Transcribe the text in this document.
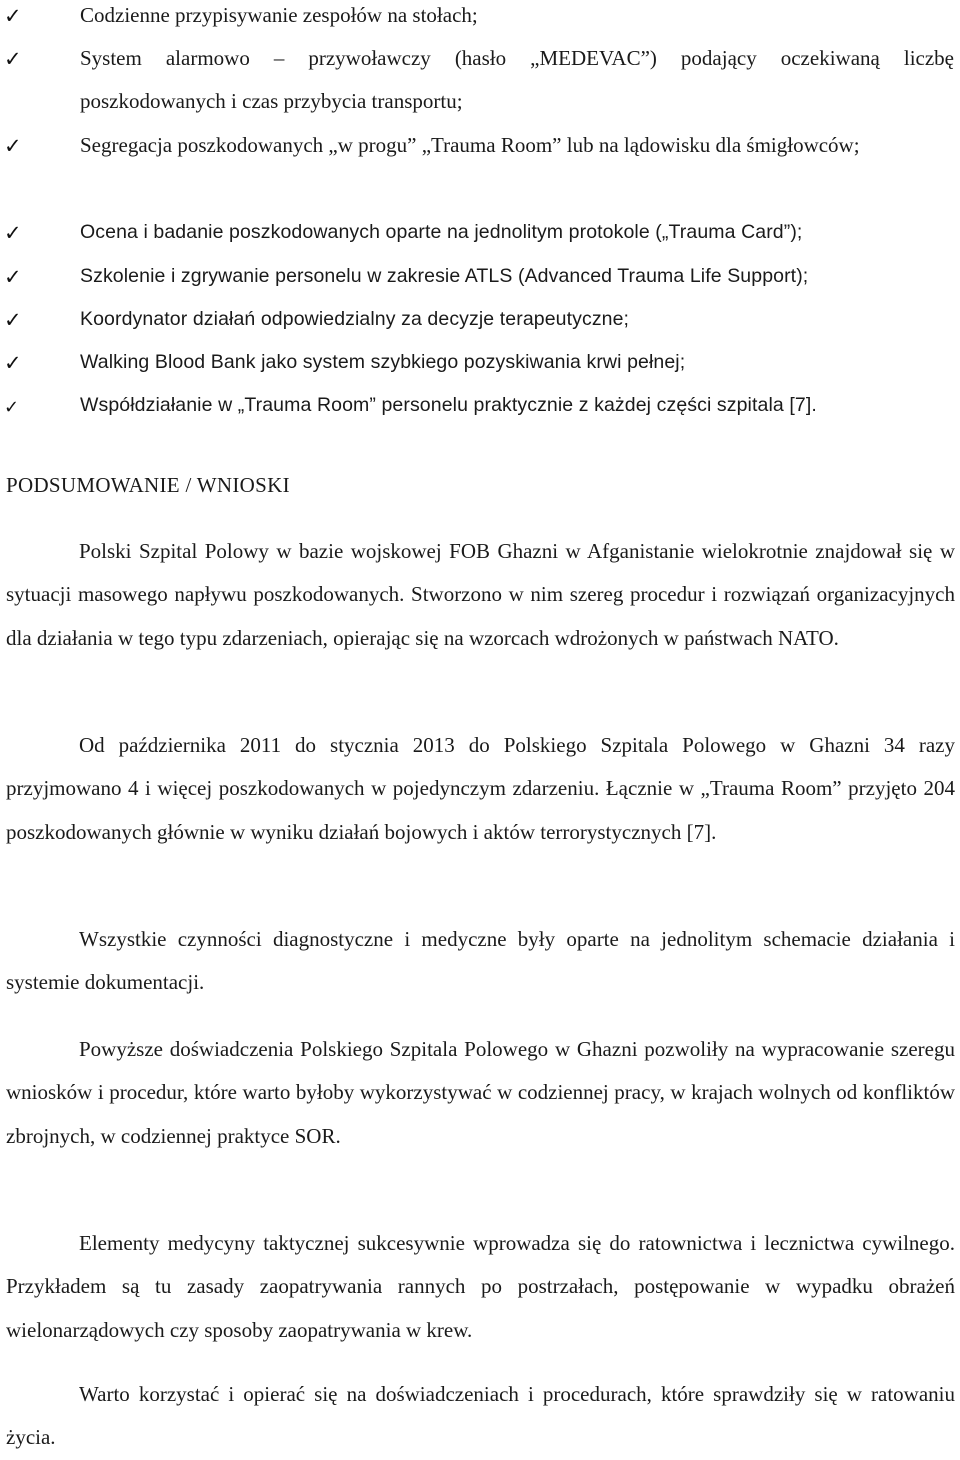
✓	Codzienne przypisywanie zespołów na stołach;
✓	System alarmowo – przywoławczy (hasło „MEDEVAC”) podający oczekiwaną liczbę poszkodowanych i czas przybycia transportu;
✓	Segregacja poszkodowanych „w progu” „Trauma Room” lub na lądowisku dla śmigłowców;
✓	Ocena i badanie poszkodowanych oparte na jednolitym protokole („Trauma Card”);
✓	Szkolenie i zgrywanie personelu w zakresie ATLS (Advanced Trauma Life Support);
✓	Koordynator działań odpowiedzialny za decyzje terapeutyczne;
✓	Walking Blood Bank jako system szybkiego pozyskiwania krwi pełnej;
✓	Współdziałanie w „Trauma Room” personelu praktycznie z każdej części szpitala [7].
PODSUMOWANIE / WNIOSKI

Polski Szpital Polowy w bazie wojskowej FOB Ghazni w Afganistanie wielokrotnie znajdował się w sytuacji masowego napływu poszkodowanych. Stworzono w nim szereg procedur i rozwiązań organizacyjnych dla działania w tego typu zdarzeniach, opierając się na wzorcach wdrożonych w państwach NATO.

Od października 2011 do stycznia 2013 do Polskiego Szpitala Polowego w Ghazni 34 razy przyjmowano 4 i więcej poszkodowanych w pojedynczym zdarzeniu. Łącznie w „Trauma Room” przyjęto 204 poszkodowanych głównie w wyniku działań bojowych i aktów terrorystycznych [7].

Wszystkie czynności diagnostyczne i medyczne były oparte na jednolitym schemacie działania i systemie dokumentacji.

Powyższe doświadczenia Polskiego Szpitala Polowego w Ghazni pozwoliły na wypracowanie szeregu wniosków i procedur, które warto byłoby wykorzystywać w codziennej pracy, w krajach wolnych od konfliktów zbrojnych, w codziennej praktyce SOR.

Elementy medycyny taktycznej sukcesywnie wprowadza się do ratownictwa i lecznictwa cywilnego. Przykładem są tu zasady zaopatrywania rannych po postrzałach, postępowanie w wypadku obrażeń wielonarządowych czy sposoby zaopatrywania w krew.

Warto korzystać i opierać się na doświadczeniach i procedurach, które sprawdziły się w ratowaniu życia.
